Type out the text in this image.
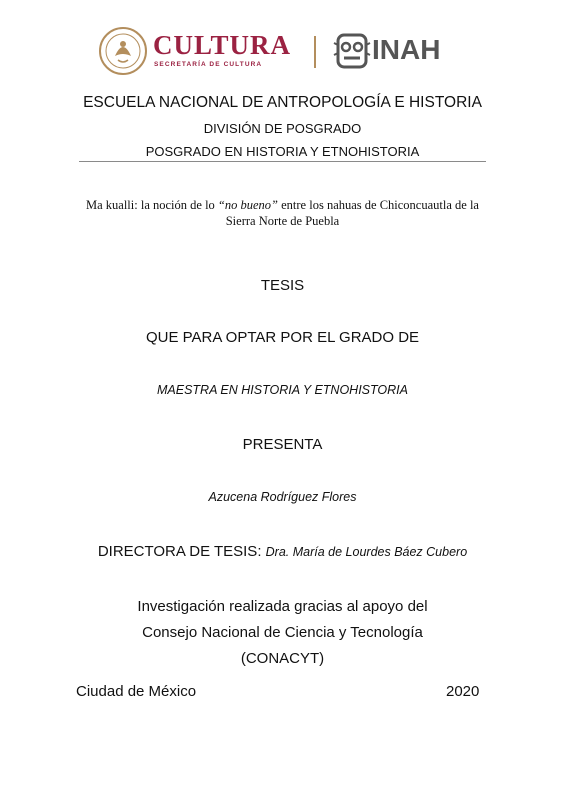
CULTURA
SECRETARÍA DE CULTURA	INAH
ESCUELA NACIONAL DE ANTROPOLOGÍA E HISTORIA
DIVISIÓN DE POSGRADO
POSGRADO EN HISTORIA Y ETNOHISTORIA
Ma kualli: la noción de lo “no bueno” entre los nahuas de Chiconcuautla de la Sierra Norte de Puebla
TESIS
QUE PARA OPTAR POR EL GRADO DE
MAESTRA EN HISTORIA Y ETNOHISTORIA
PRESENTA
Azucena Rodríguez Flores
DIRECTORA DE TESIS: Dra. María de Lourdes Báez Cubero
Investigación realizada gracias al apoyo del
Consejo Nacional de Ciencia y Tecnología
(CONACYT)
Ciudad de México	2020
